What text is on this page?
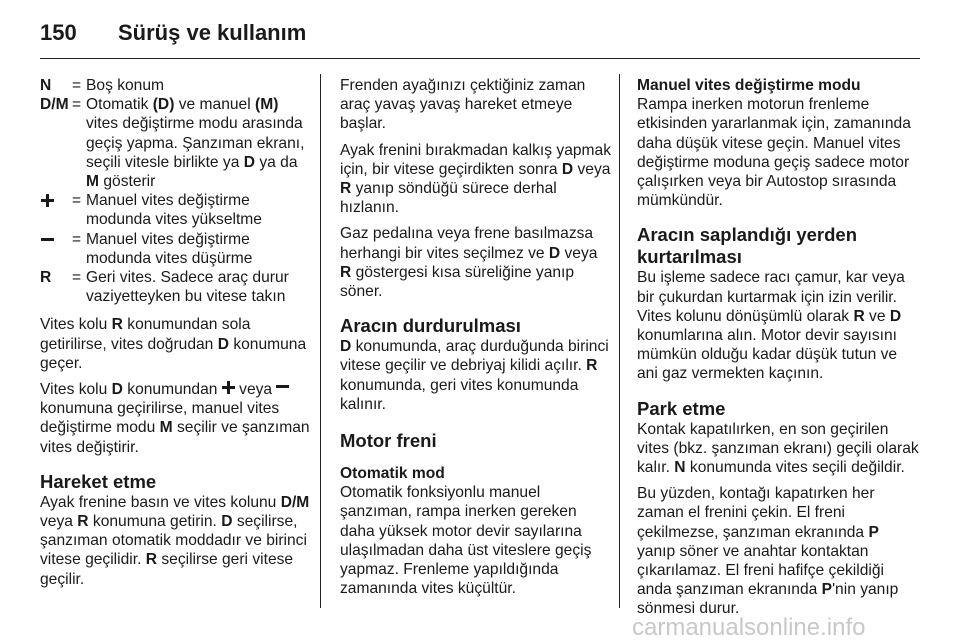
150 Sürüş ve kullanım
N	= Boş konum
D/M = Otomatik (D) ve manuel (M) vites değiştirme modu arasında geçiş yapma. Şanzıman ekranı, seçili vitesle birlikte ya D ya da M gösterir
= Manuel vites değiştirme modunda vites yükseltme
= Manuel vites değiştirme modunda vites düşürme
R	= Geri vites. Sadece araç durur vaziyetteyken bu vitese takın

Vites kolu R konumundan sola getirilirse, vites doğrudan D konumuna geçer.

Vites kolu D konumundan veya  konumuna geçirilirse, manuel vites değiştirme modu M seçilir ve şanzıman vites değiştirir.

Hareket etme

Ayak frenine basın ve vites kolunu D/M veya R konumuna getirin. D seçilirse, şanzıman otomatik moddadır ve birinci vitese geçilidir. R seçilirse geri vitese geçilir.

Frenden ayağınızı çektiğiniz zaman araç yavaş yavaş hareket etmeye başlar.

Ayak frenini bırakmadan kalkış yapmak için, bir vitese geçirdikten sonra D veya R yanıp söndüğü sürece derhal hızlanın.

Gaz pedalına veya frene basılmazsa herhangi bir vites seçilmez ve D veya R göstergesi kısa süreliğine yanıp söner.

Aracın durdurulması

D konumunda, araç durduğunda birinci vitese geçilir ve debriyaj kilidi açılır. R konumunda, geri vites konumunda kalınır.

Motor freni
Otomatik mod

Otomatik fonksiyonlu manuel şanzıman, rampa inerken gereken daha yüksek motor devir sayılarına ulaşılmadan daha üst viteslere geçiş yapmaz. Frenleme yapıldığında zamanında vites küçültür.

Manuel vites değiştirme modu

Rampa inerken motorun frenleme etkisinden yararlanmak için, zamanında daha düşük vitese geçin. Manuel vites değiştirme moduna geçiş sadece motor çalışırken veya bir Autostop sırasında mümkündür.

Aracın saplandığı yerden kurtarılması

Bu işleme sadece racı çamur, kar veya bir çukurdan kurtarmak için izin verilir. Vites kolunu dönüşümlü olarak R ve D konumlarına alın. Motor devir sayısını mümkün olduğu kadar düşük tutun ve ani gaz vermekten kaçının.

Park etme

Kontak kapatılırken, en son geçirilen vites (bkz. şanzıman ekranı) geçili olarak kalır. N konumunda vites seçili değildir.

Bu yüzden, kontağı kapatırken her zaman el frenini çekin. El freni çekilmezse, şanzıman ekranında P yanıp söner ve anahtar kontaktan çıkarılamaz. El freni hafifçe çekildiği anda şanzıman ekranında P'nin yanıp sönmesi durur.

carmanualsonline.info
